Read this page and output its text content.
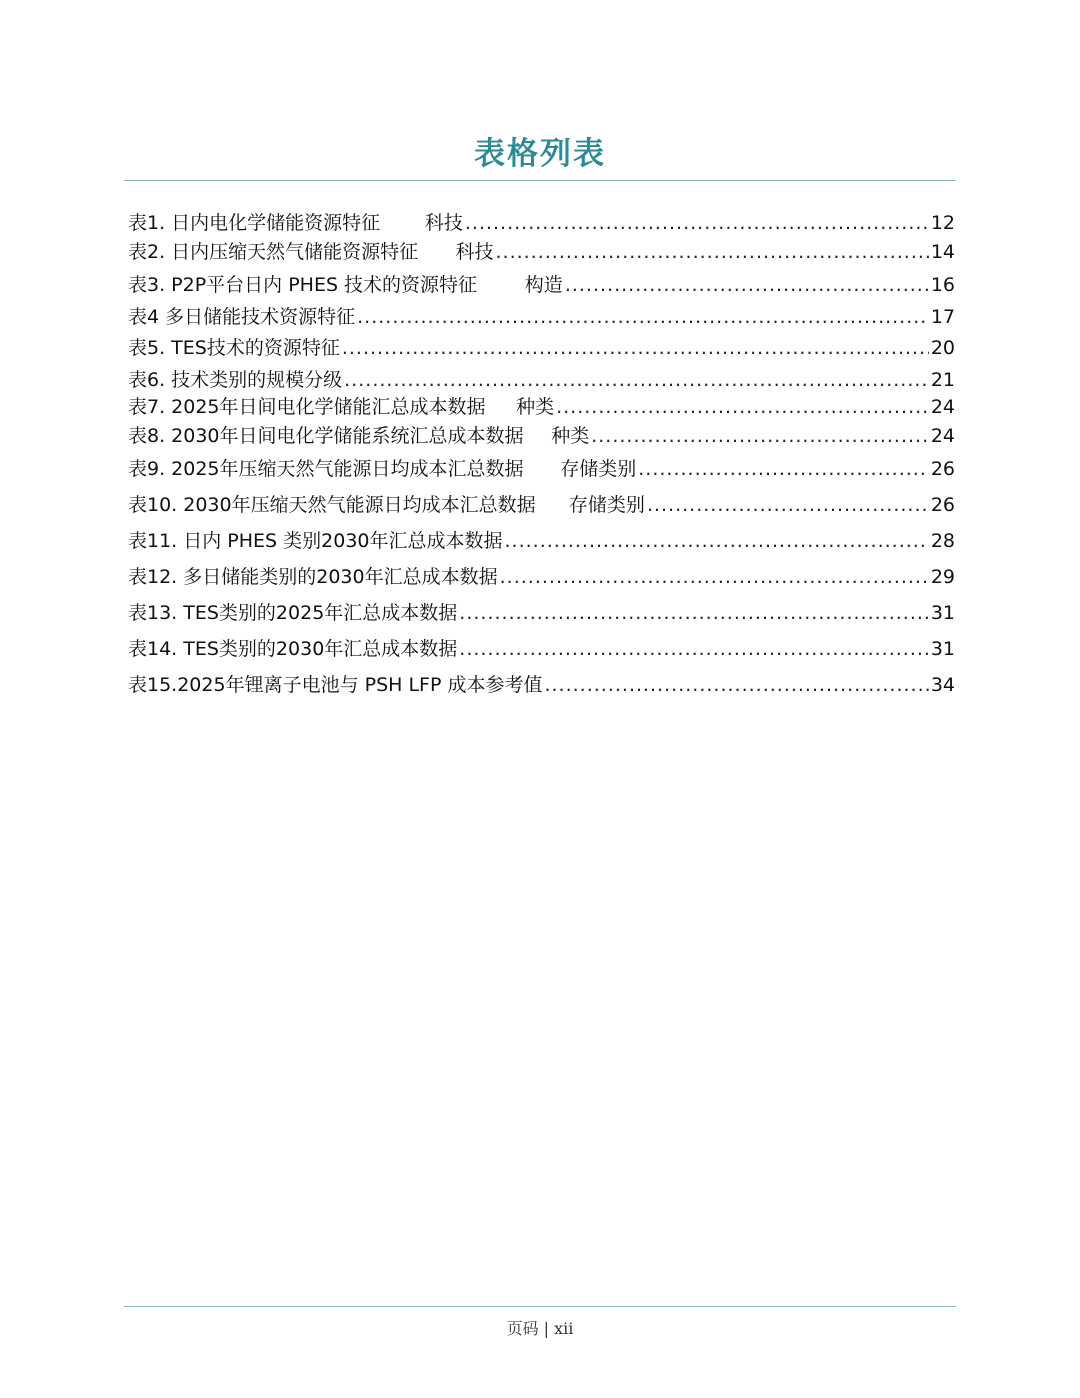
表格列表
表1. 日内电化学储能资源特征 科技 .....	12
表2. 日内压缩天然气储能资源特征 科技 .....	14
表3. P2P平台日内 PHES 技术的资源特征	构造 .....	16
表4 多日储能技术资源特征 .....	17
表5. TES技术的资源特征 .....	20
表6. 技术类别的规模分级 .....	21
表7. 2025年日间电化学储能汇总成本数据 种类 .....	24
表8. 2030年日间电化学储能系统汇总成本数据 种类 .....	24
表9. 2025年压缩天然气能源日均成本汇总数据 存储类别 .....	26
表10. 2030年压缩天然气能源日均成本汇总数据 存储类别 .....	26
表11. 日内 PHES 类别2030年汇总成本数据 .....	28
表12. 多日储能类别的2030年汇总成本数据 .....	29
表13. TES类别的2025年汇总成本数据 .....	31
表14. TES类别的2030年汇总成本数据 .....	31
表15.2025年锂离子电池与 PSH LFP 成本参考值 .....	34
页码 | xii
